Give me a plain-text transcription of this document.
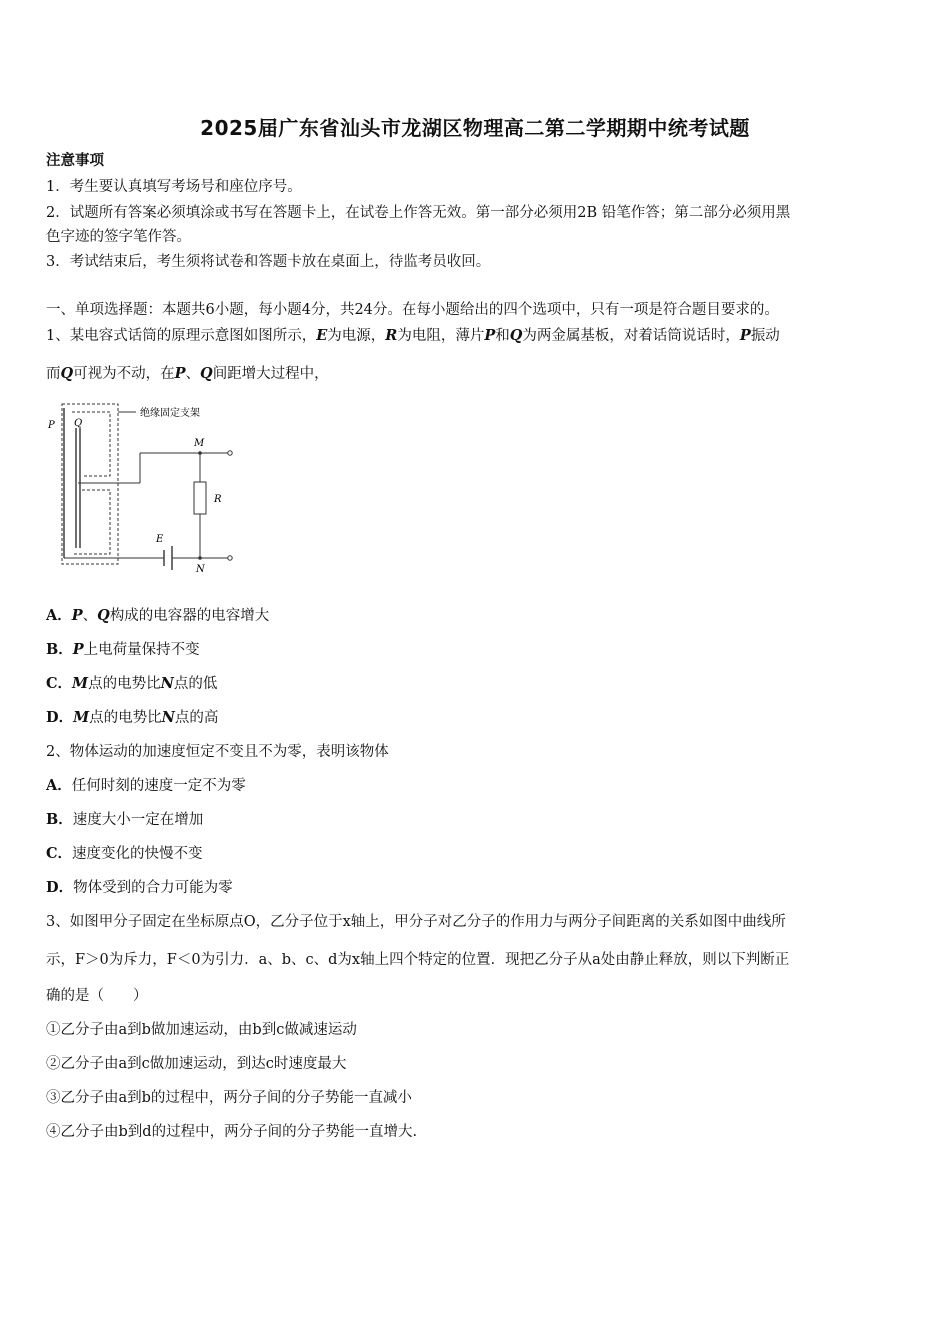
2025届广东省汕头市龙湖区物理高二第二学期期中统考试题
注意事项
1．考生要认真填写考场号和座位序号。
2．试题所有答案必须填涂或书写在答题卡上，在试卷上作答无效。第一部分必须用2B 铅笔作答；第二部分必须用黑
色字迹的签字笔作答。
3．考试结束后，考生须将试卷和答题卡放在桌面上，待监考员收回。
一、单项选择题：本题共6小题，每小题4分，共24分。在每小题给出的四个选项中，只有一项是符合题目要求的。
1、某电容式话筒的原理示意图如图所示，E为电源，R为电阻，薄片P和Q为两金属基板，对着话筒说话时，P振动
而Q可视为不动，在P、Q间距增大过程中，
绝缘固定支架
P Q
M
R
E
N
A．P、Q构成的电容器的电容增大
B．P上电荷量保持不变
C．M点的电势比N点的低
D．M点的电势比N点的高
2、物体运动的加速度恒定不变且不为零，表明该物体
A．任何时刻的速度一定不为零
B．速度大小一定在增加
C．速度变化的快慢不变
D．物体受到的合力可能为零
3、如图甲分子固定在坐标原点O，乙分子位于x轴上，甲分子对乙分子的作用力与两分子间距离的关系如图中曲线所
示，F＞0为斥力，F＜0为引力．a、b、c、d为x轴上四个特定的位置．现把乙分子从a处由静止释放，则以下判断正
确的是（　　）
①乙分子由a到b做加速运动，由b到c做减速运动
②乙分子由a到c做加速运动，到达c时速度最大
③乙分子由a到b的过程中，两分子间的分子势能一直减小
④乙分子由b到d的过程中，两分子间的分子势能一直增大.
